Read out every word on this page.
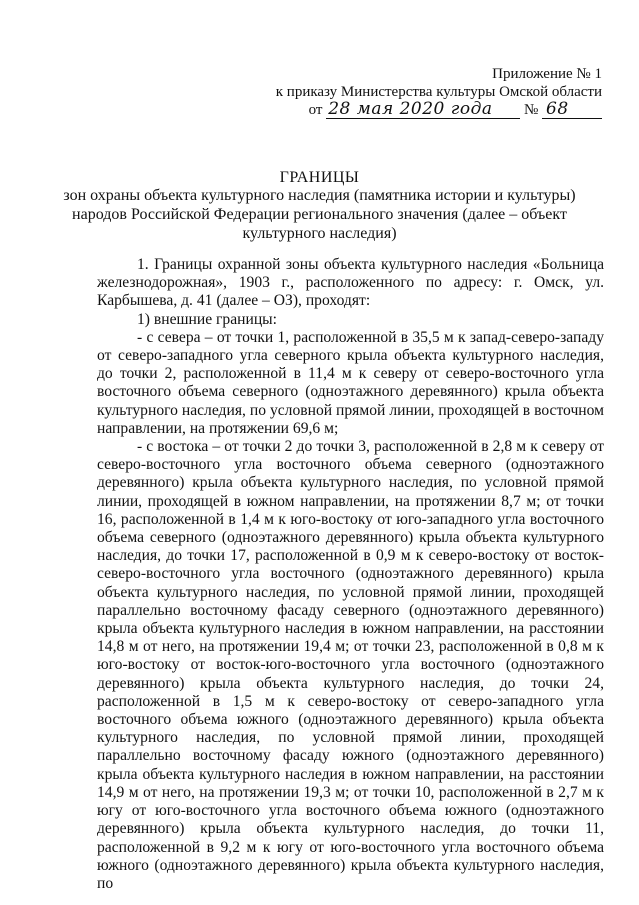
Приложение № 1
к приказу Министерства культуры Омской области
от 28 мая 2020 года № 68
ГРАНИЦЫ
зон охраны объекта культурного наследия (памятника истории и культуры)
народов Российской Федерации регионального значения (далее – объект
культурного наследия)

1. Границы охранной зоны объекта культурного наследия «Больница железнодорожная», 1903 г., расположенного по адресу: г. Омск, ул. Карбышева, д. 41 (далее – ОЗ), проходят:

1) внешние границы:

- с севера – от точки 1, расположенной в 35,5 м к запад-северо-западу от северо-западного угла северного крыла объекта культурного наследия, до точки 2, расположенной в 11,4 м к северу от северо-восточного угла восточного объема северного (одноэтажного деревянного) крыла объекта культурного наследия, по условной прямой линии, проходящей в восточном направлении, на протяжении 69,6 м;

- с востока – от точки 2 до точки 3, расположенной в 2,8 м к северу от северо-восточного угла восточного объема северного (одноэтажного деревянного) крыла объекта культурного наследия, по условной прямой линии, проходящей в южном направлении, на протяжении 8,7 м; от точки 16, расположенной в 1,4 м к юго-востоку от юго-западного угла восточного объема северного (одноэтажного деревянного) крыла объекта культурного наследия, до точки 17, расположенной в 0,9 м к северо-востоку от восток-северо-восточного угла восточного (одноэтажного деревянного) крыла объекта культурного наследия, по условной прямой линии, проходящей параллельно восточному фасаду северного (одноэтажного деревянного) крыла объекта культурного наследия в южном направлении, на расстоянии 14,8 м от него, на протяжении 19,4 м; от точки 23, расположенной в 0,8 м к юго-востоку от восток-юго-восточного угла восточного (одноэтажного деревянного) крыла объекта культурного наследия, до точки 24, расположенной в 1,5 м к северо-востоку от северо-западного угла восточного объема южного (одноэтажного деревянного) крыла объекта культурного наследия, по условной прямой линии, проходящей параллельно восточному фасаду южного (одноэтажного деревянного) крыла объекта культурного наследия в южном направлении, на расстоянии 14,9 м от него, на протяжении 19,3 м; от точки 10, расположенной в 2,7 м к югу от юго-восточного угла восточного объема южного (одноэтажного деревянного) крыла объекта культурного наследия, до точки 11, расположенной в 9,2 м к югу от юго-восточного угла восточного объема южного (одноэтажного деревянного) крыла объекта культурного наследия, по
